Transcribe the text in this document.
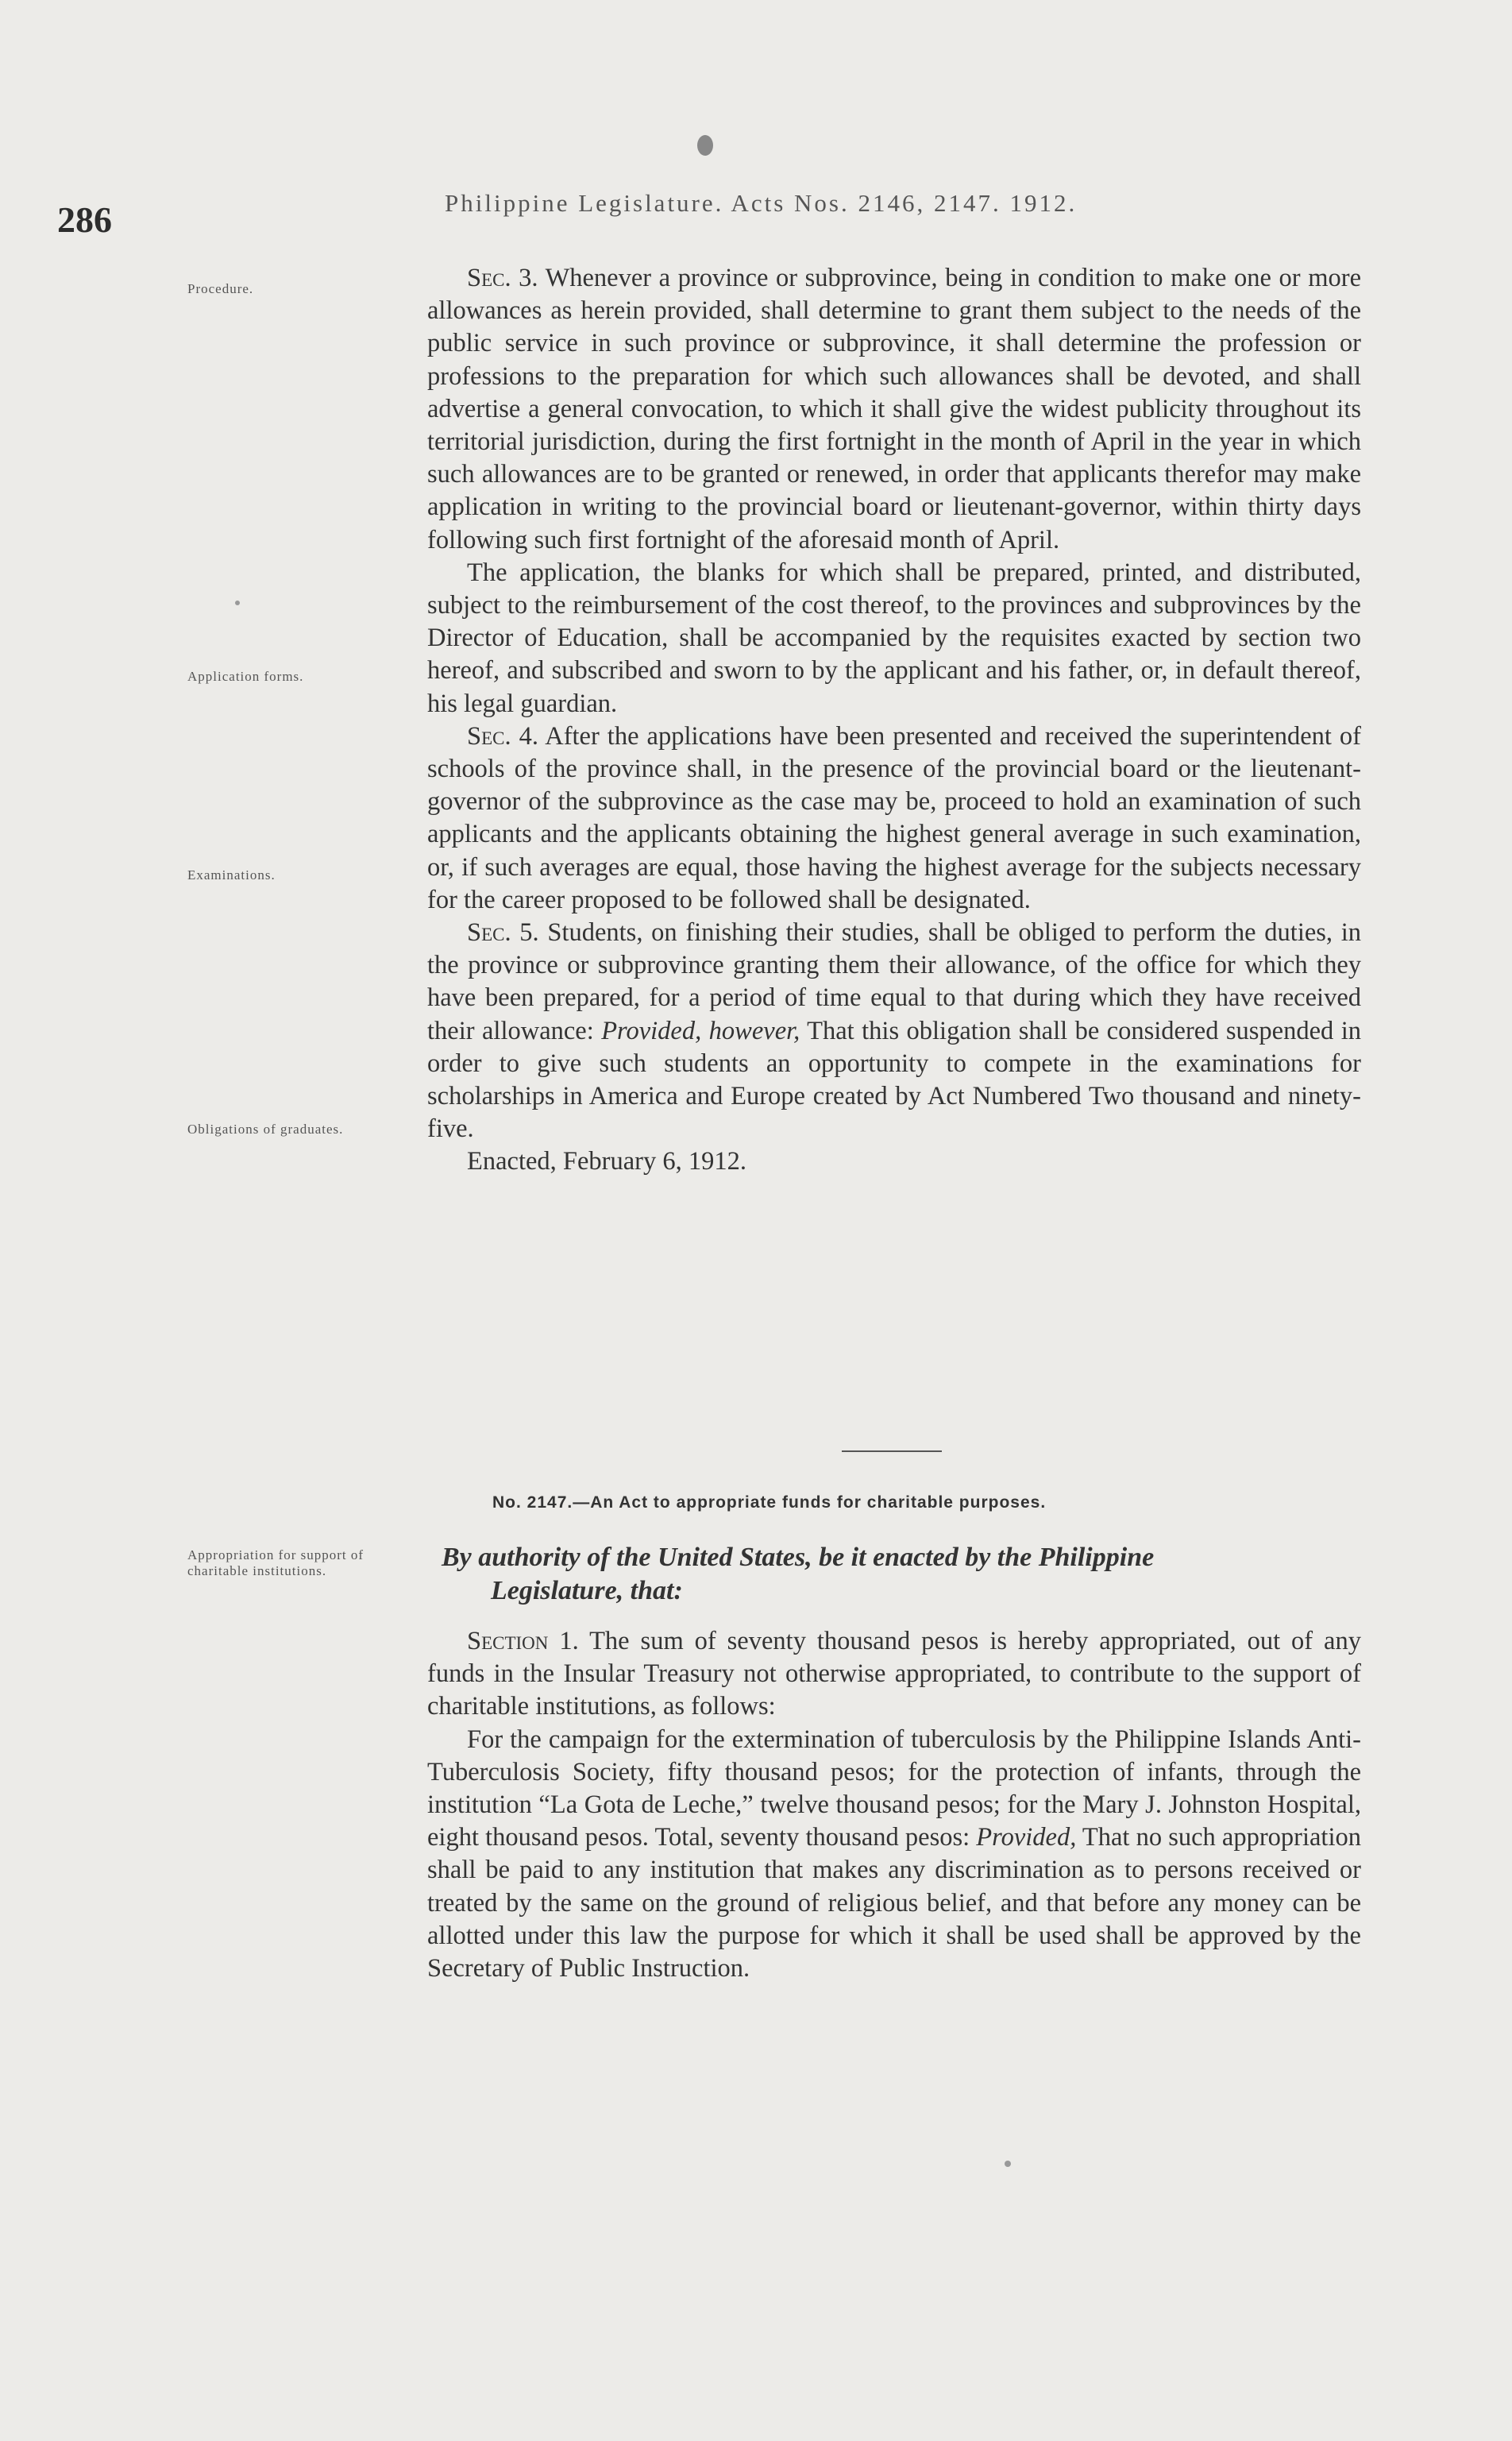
286	Philippine Legislature. Acts Nos. 2146, 2147. 1912.
Procedure.
Application forms.
Examinations.
Obligations of graduates.
Appropriation for support of charitable institutions.

Sec. 3. Whenever a province or subprovince, being in condition to make one or more allowances as herein provided, shall determine to grant them subject to the needs of the public service in such province or subprovince, it shall determine the profession or professions to the preparation for which such allowances shall be devoted, and shall advertise a general convocation, to which it shall give the widest publicity throughout its territorial jurisdiction, during the first fortnight in the month of April in the year in which such allowances are to be granted or renewed, in order that applicants therefor may make application in writing to the provincial board or lieutenant-governor, within thirty days following such first fortnight of the aforesaid month of April.

The application, the blanks for which shall be prepared, printed, and distributed, subject to the reimbursement of the cost thereof, to the provinces and subprovinces by the Director of Education, shall be accompanied by the requisites exacted by section two hereof, and subscribed and sworn to by the applicant and his father, or, in default thereof, his legal guardian.

Sec. 4. After the applications have been presented and received the superintendent of schools of the province shall, in the presence of the provincial board or the lieutenant-governor of the subprovince as the case may be, proceed to hold an examination of such applicants and the applicants obtaining the highest general average in such examination, or, if such averages are equal, those having the highest average for the subjects necessary for the career proposed to be followed shall be designated.

Sec. 5. Students, on finishing their studies, shall be obliged to perform the duties, in the province or subprovince granting them their allowance, of the office for which they have been prepared, for a period of time equal to that during which they have received their allowance: Provided, however, That this obligation shall be considered suspended in order to give such students an opportunity to compete in the examinations for scholarships in America and Europe created by Act Numbered Two thousand and ninety-five.

Enacted, February 6, 1912.

No. 2147.—An Act to appropriate funds for charitable purposes.
By authority of the United States, be it enacted by the Philippine
Legislature, that:

Section 1. The sum of seventy thousand pesos is hereby appropriated, out of any funds in the Insular Treasury not otherwise appropriated, to contribute to the support of charitable institutions, as follows:

For the campaign for the extermination of tuberculosis by the Philippine Islands Anti-Tuberculosis Society, fifty thousand pesos; for the protection of infants, through the institution “La Gota de Leche,” twelve thousand pesos; for the Mary J. Johnston Hospital, eight thousand pesos. Total, seventy thousand pesos: Provided, That no such appropriation shall be paid to any institution that makes any discrimination as to persons received or treated by the same on the ground of religious belief, and that before any money can be allotted under this law the purpose for which it shall be used shall be approved by the Secretary of Public Instruction.
